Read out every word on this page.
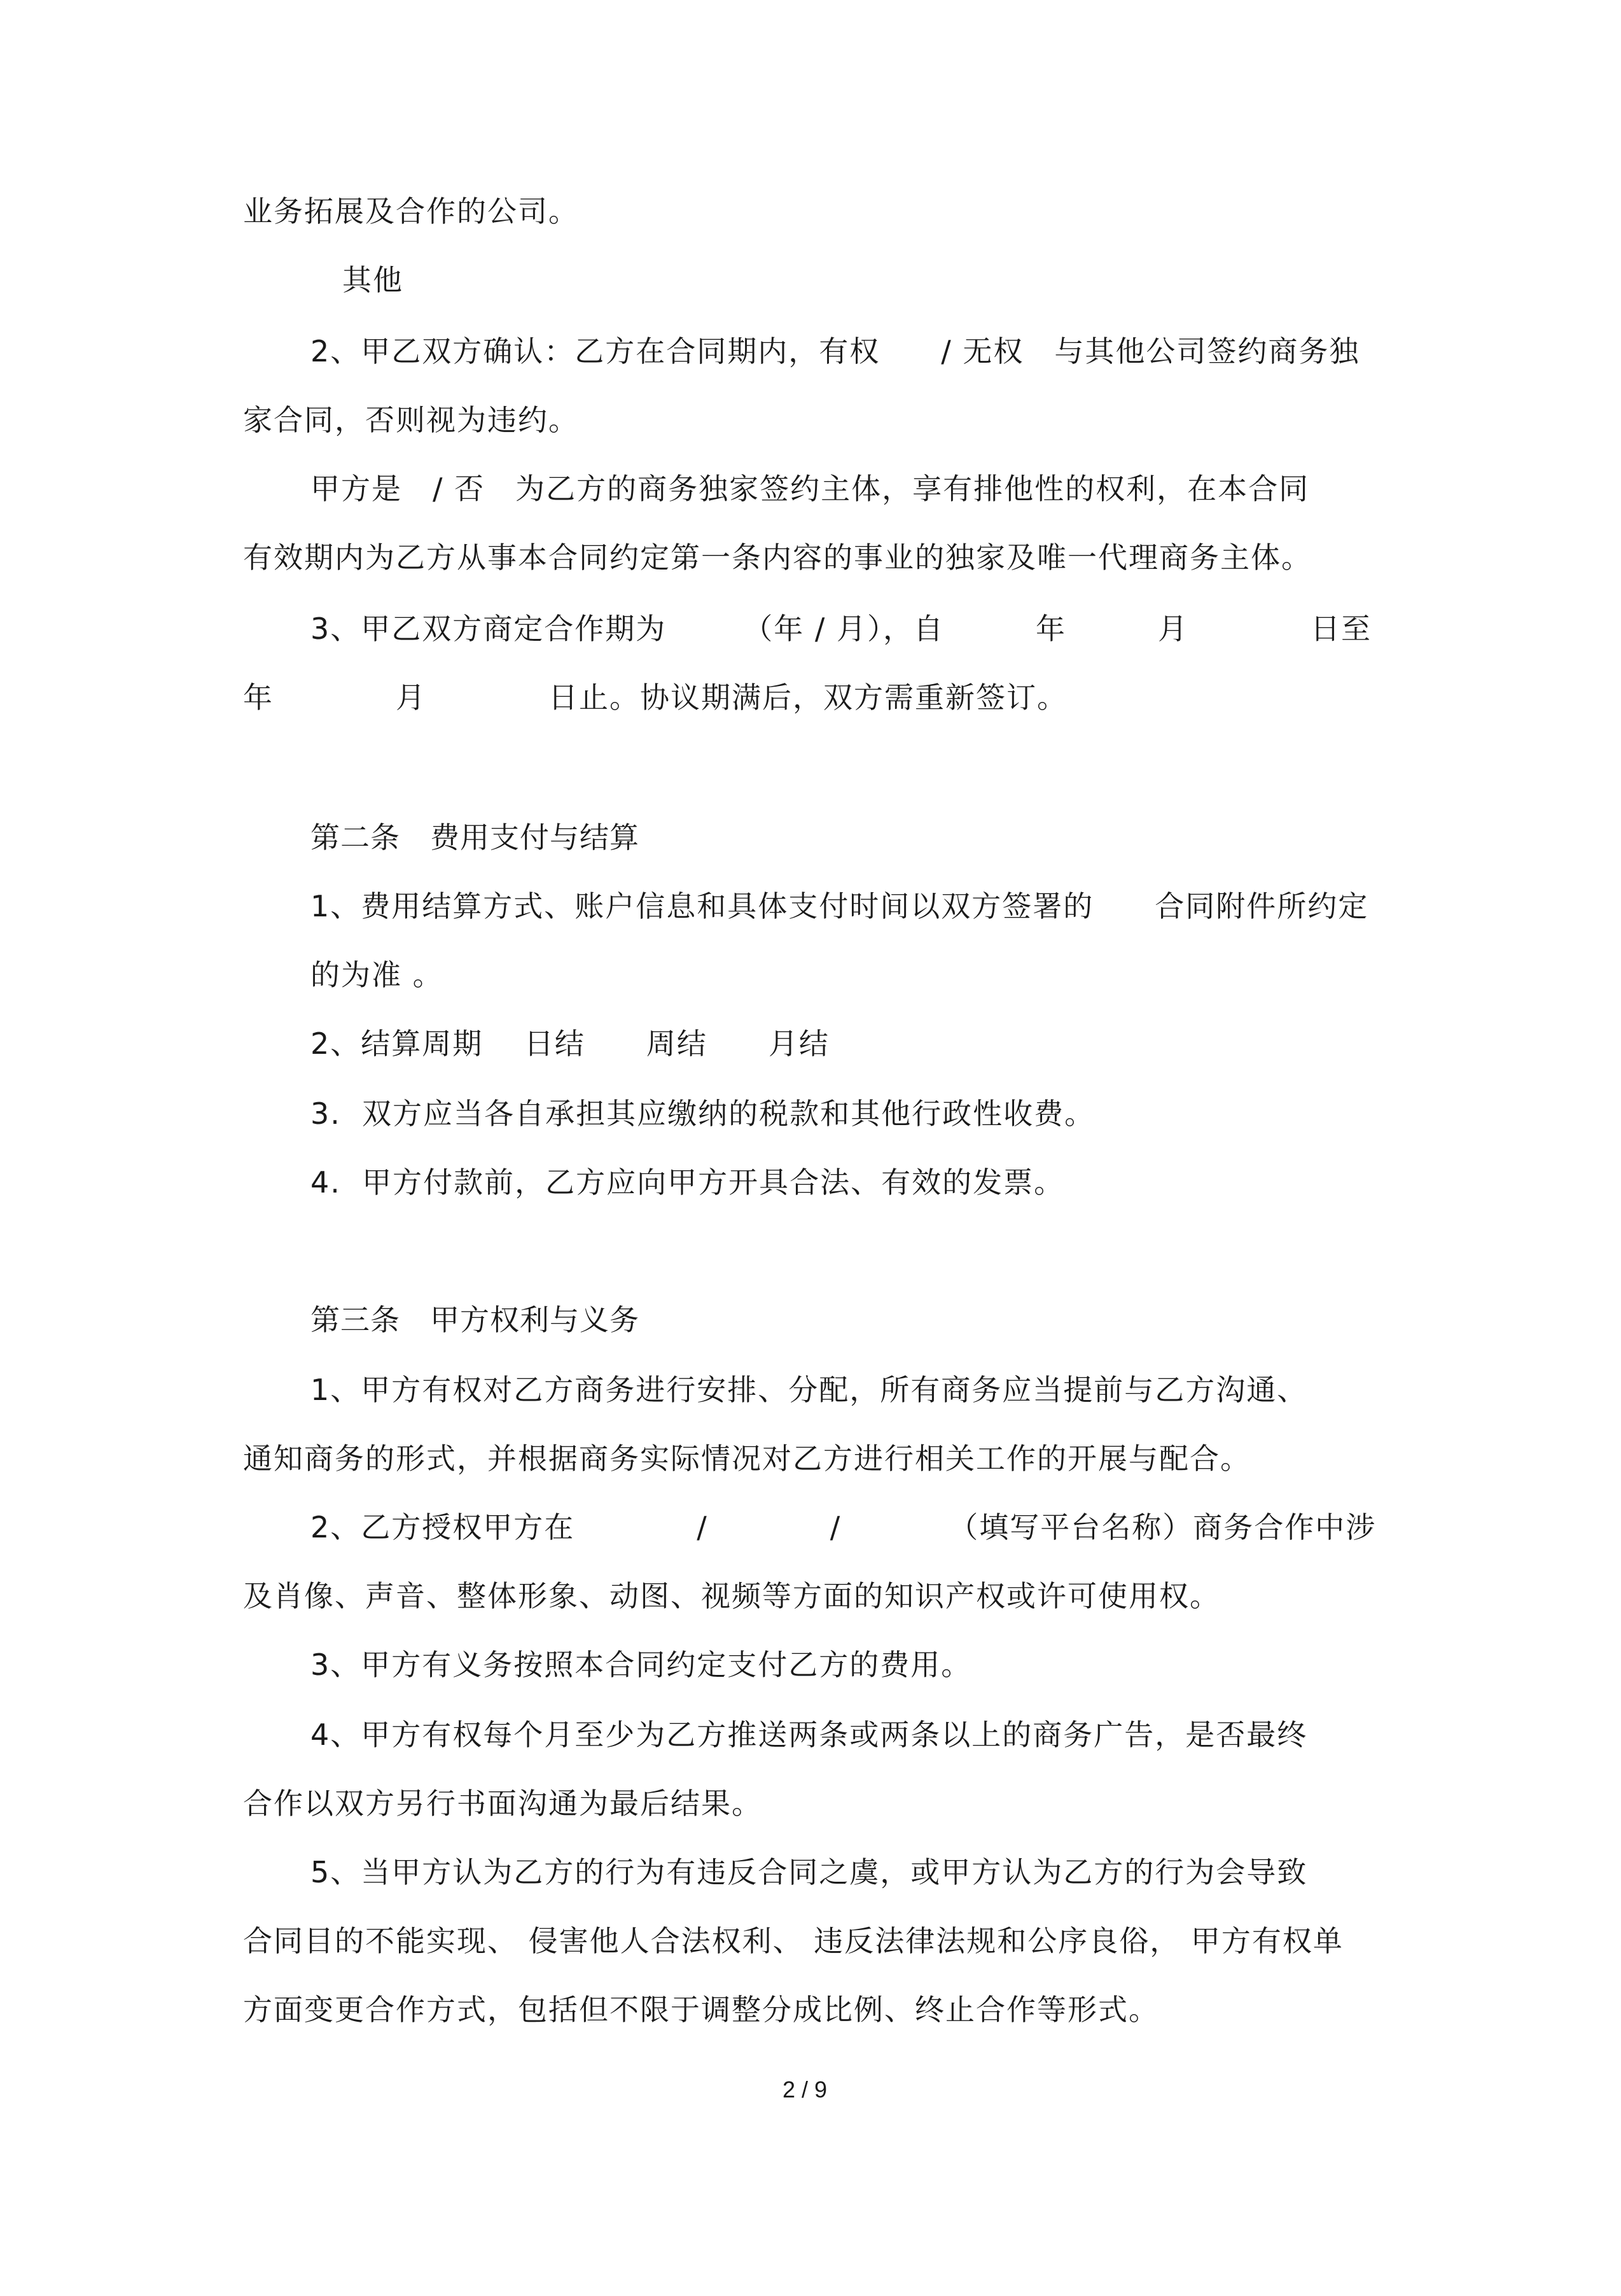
业务拓展及合作的公司。
其他
2、甲乙双方确认：乙方在合同期内，有权　　/ 无权　与其他公司签约商务独
家合同，否则视为违约。
甲方是　/ 否　为乙方的商务独家签约主体，享有排他性的权利，在本合同
有效期内为乙方从事本合同约定第一条内容的事业的独家及唯一代理商务主体。
3、甲乙双方商定合作期为　　　（年 / 月），自　　　年　　　月　　　　日至
年　　　　月　　　　日止。协议期满后，双方需重新签订。
第二条　费用支付与结算
1、费用结算方式、账户信息和具体支付时间以双方签署的　　合同附件所约定
的为准 。
2、结算周期　 日结　　周结　　月结
3.  双方应当各自承担其应缴纳的税款和其他行政性收费。
4.  甲方付款前，乙方应向甲方开具合法、有效的发票。
第三条　甲方权利与义务
1、甲方有权对乙方商务进行安排、分配，所有商务应当提前与乙方沟通、
通知商务的形式，并根据商务实际情况对乙方进行相关工作的开展与配合。
2、乙方授权甲方在　　　　/　　　　/　　　　（填写平台名称）商务合作中涉
及肖像、声音、整体形象、动图、视频等方面的知识产权或许可使用权。
3、甲方有义务按照本合同约定支付乙方的费用。
4、甲方有权每个月至少为乙方推送两条或两条以上的商务广告，是否最终
合作以双方另行书面沟通为最后结果。
5、当甲方认为乙方的行为有违反合同之虞，或甲方认为乙方的行为会导致
合同目的不能实现、 侵害他人合法权利、 违反法律法规和公序良俗， 甲方有权单
方面变更合作方式，包括但不限于调整分成比例、终止合作等形式。
2 / 9
